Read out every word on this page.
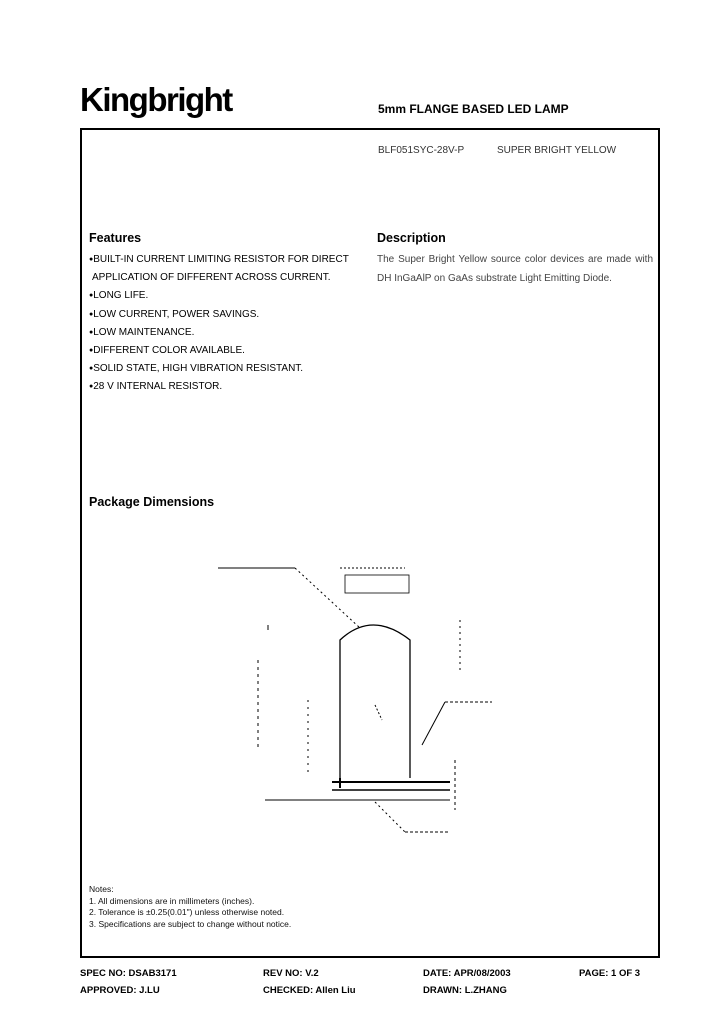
Kingbright	5mm FLANGE BASED LED LAMP
BLF051SYC-28V-P	SUPER BRIGHT YELLOW
Features
●BUILT-IN CURRENT LIMITING RESISTOR FOR DIRECT
APPLICATION OF DIFFERENT ACROSS CURRENT.
●LONG LIFE.
●LOW CURRENT, POWER SAVINGS.
●LOW MAINTENANCE.
●DIFFERENT COLOR AVAILABLE.
●SOLID STATE, HIGH VIBRATION RESISTANT.
●28 V INTERNAL RESISTOR.
Description
The Super Bright Yellow source color devices are made with DH InGaAlP on GaAs substrate Light Emitting Diode.
Package Dimensions
Notes:
1. All dimensions are in millimeters (inches).
2. Tolerance is ±0.25(0.01") unless otherwise noted.
3. Specifications are subject to change without notice.
SPEC NO: DSAB3171	REV NO: V.2	DATE: APR/08/2003	PAGE: 1 OF 3
APPROVED: J.LU	CHECKED: Allen Liu	DRAWN: L.ZHANG
